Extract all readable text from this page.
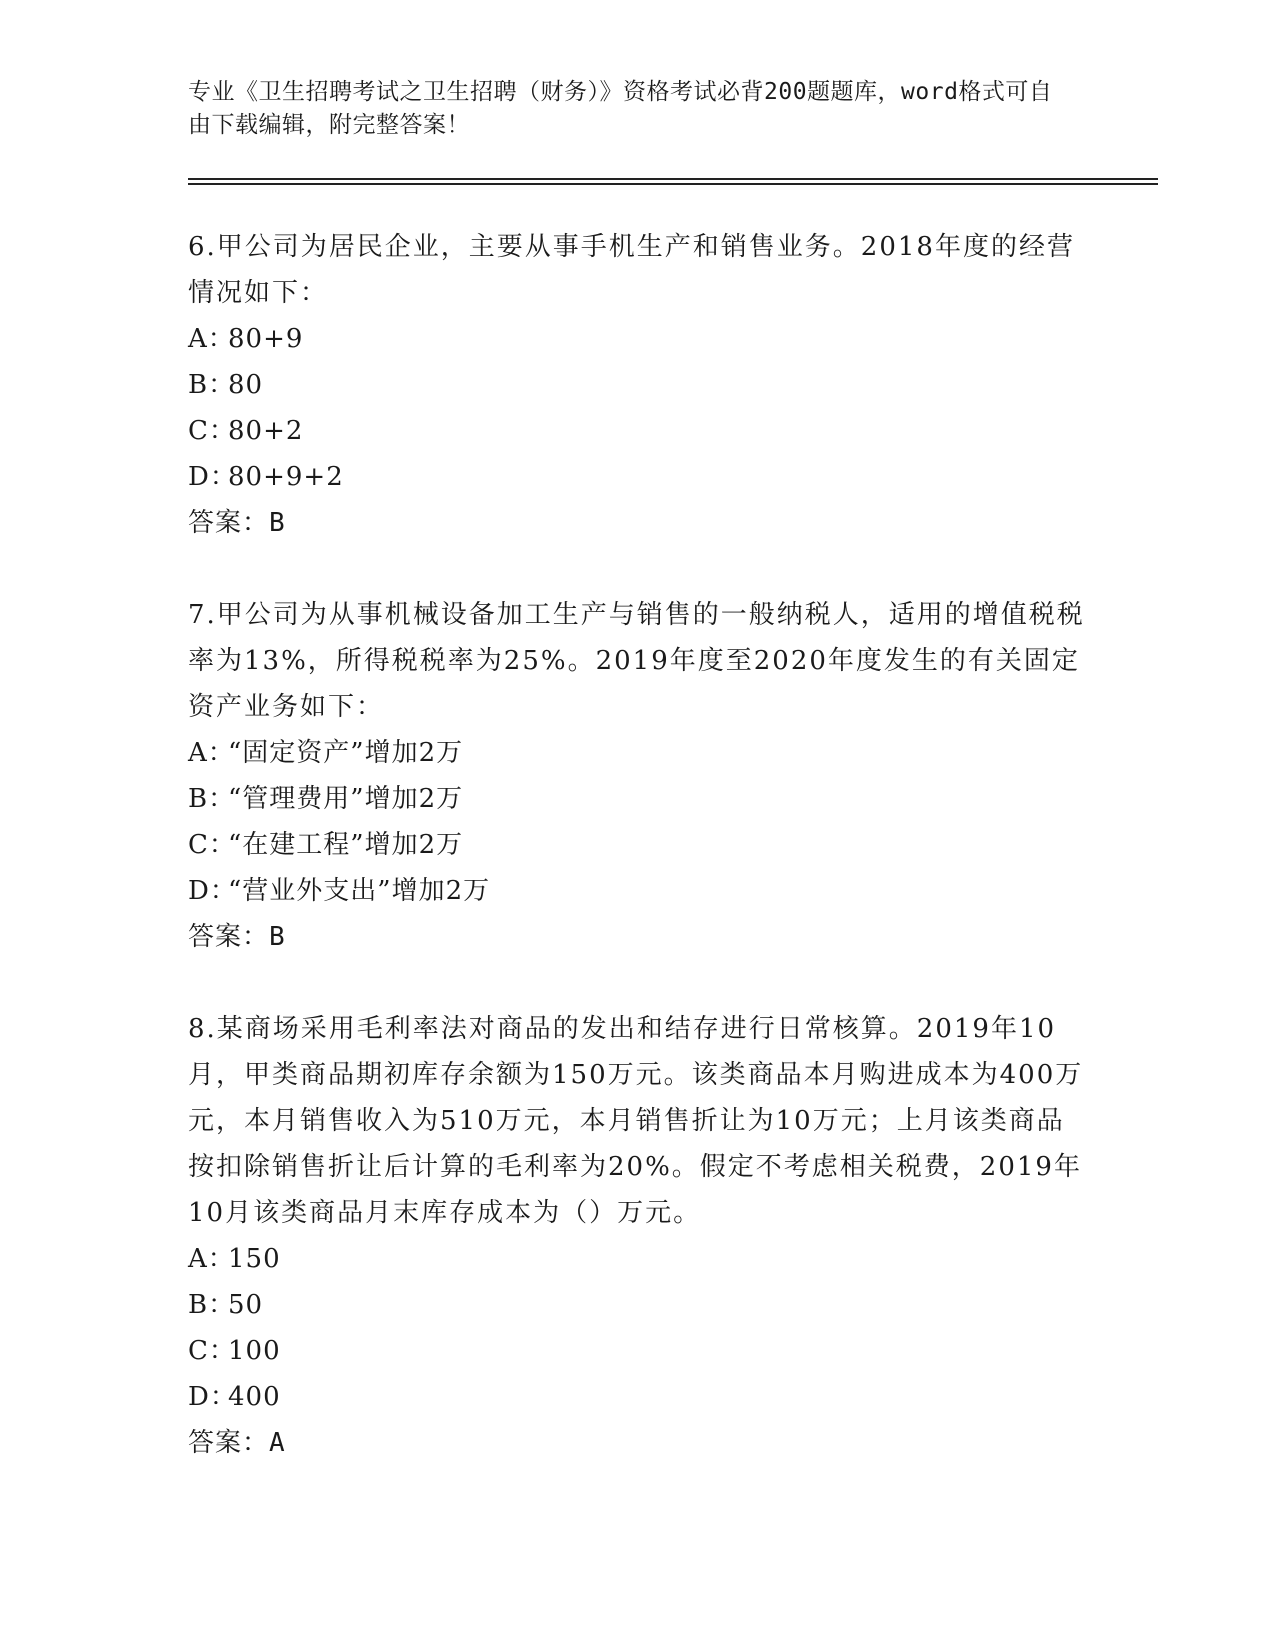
专业《卫生招聘考试之卫生招聘（财务）》资格考试必背200题题库，word格式可自由下载编辑，附完整答案！

6.甲公司为居民企业，主要从事手机生产和销售业务。2018年度的经营情况如下：

A：80+9
B：80
C：80+2
D：80+9+2
答案：B

7.甲公司为从事机械设备加工生产与销售的一般纳税人，适用的增值税税率为13%，所得税税率为25%。2019年度至2020年度发生的有关固定资产业务如下：

A：“固定资产”增加2万
B：“管理费用”增加2万
C：“在建工程”增加2万
D：“营业外支出”增加2万
答案：B

8.某商场采用毛利率法对商品的发出和结存进行日常核算。2019年10月，甲类商品期初库存余额为150万元。该类商品本月购进成本为400万元，本月销售收入为510万元，本月销售折让为10万元；上月该类商品按扣除销售折让后计算的毛利率为20%。假定不考虑相关税费，2019年10月该类商品月末库存成本为（）万元。

A：150
B：50
C：100
D：400
答案：A
